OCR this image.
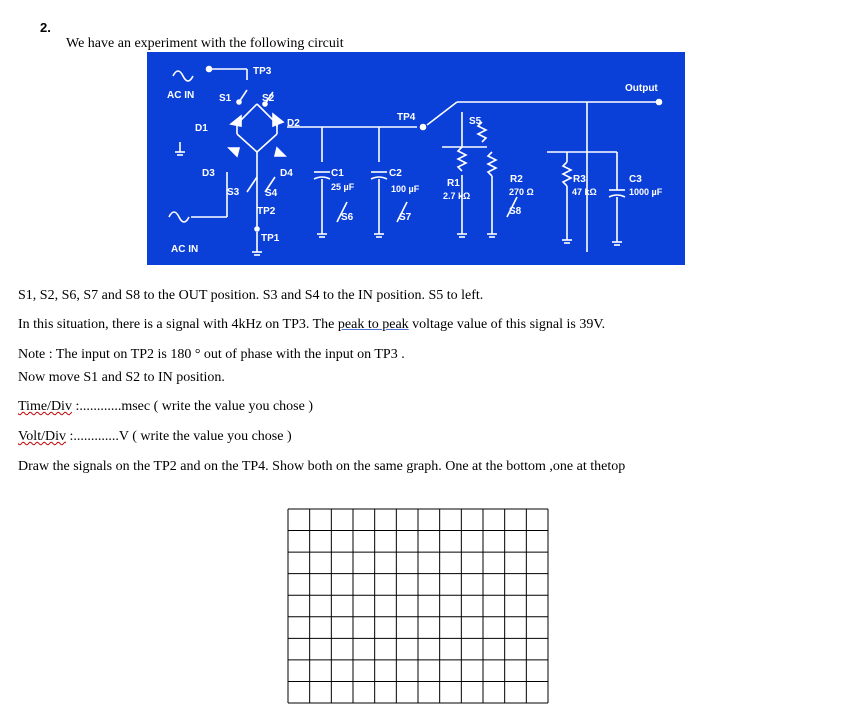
2.
We have an experiment with the following circuit
TP3
AC IN S1	S2
Output
D1	D2
TP4	S5
D3	D4	C1
25 µF
C2
100 µF	R1
2.7 kΩ
R2
270 Ω
R3
47 kΩ
C3
1000 µF
S3	S4
TP2
S6	S7
S8
TP1
AC IN
S1, S2, S6, S7 and S8 to the OUT position. S3 and S4 to the IN position. S5 to left.
In this situation, there is a signal with 4kHz on TP3. The peak to peak voltage value of this signal is 39V.
Note : The input on TP2 is 180 ° out of phase with the input on TP3 .
Now move S1 and S2 to IN position.
Time/Div :............msec ( write the value you chose )
Volt/Div :.............V ( write the value you chose )
Draw the signals on the TP2 and on the TP4. Show both on the same graph. One at the bottom ,one at thetop
